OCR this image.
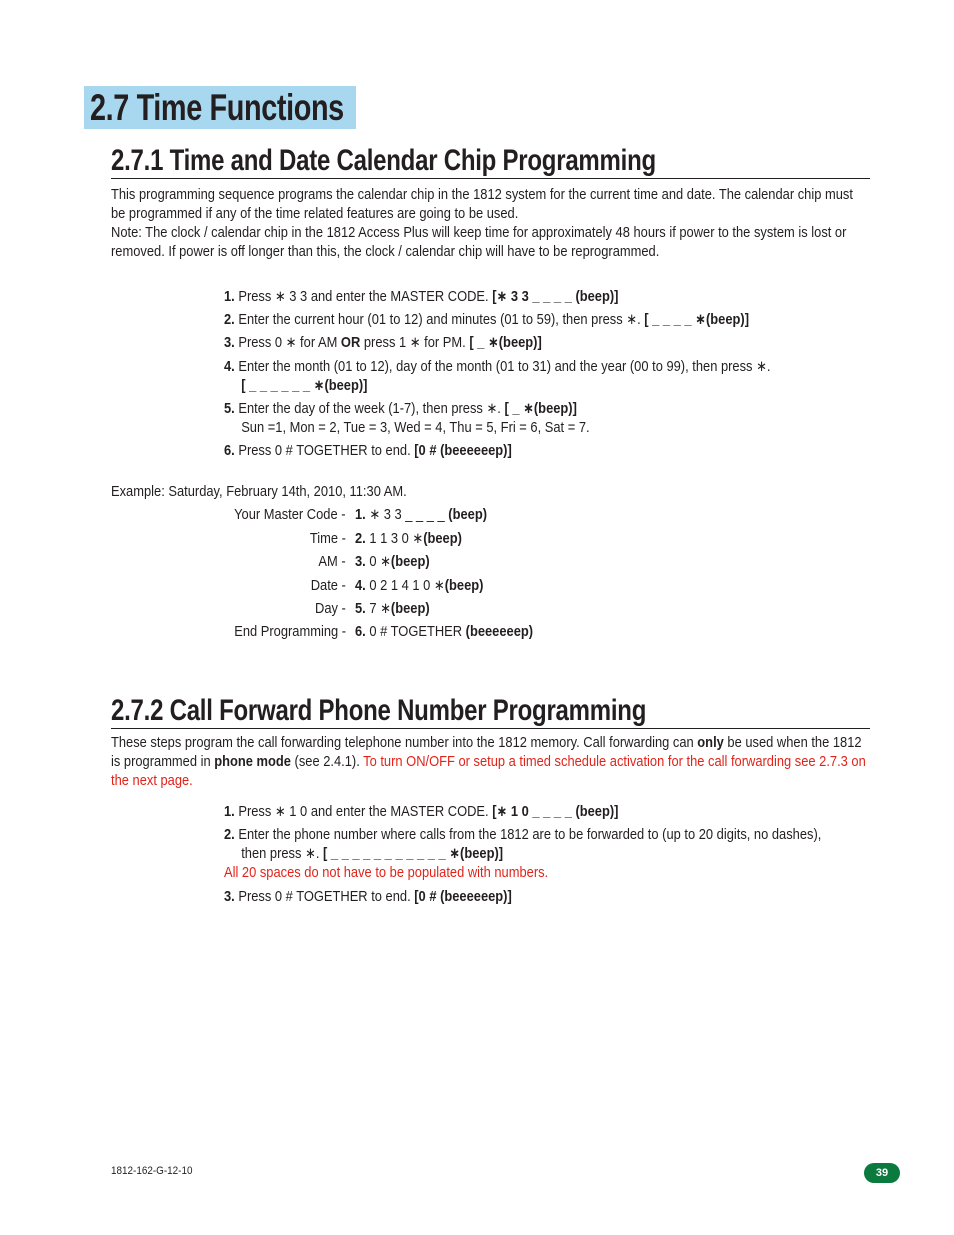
2.7 Time Functions
2.7.1 Time and Date Calendar Chip Programming
This programming sequence programs the calendar chip in the 1812 system for the current time and date. The calendar chip must be programmed if any of the time related features are going to be used.
Note: The clock / calendar chip in the 1812 Access Plus will keep time for approximately 48 hours if power to the system is lost or removed. If power is off longer than this, the clock / calendar chip will have to be reprogrammed.
1. Press ∗ 3 3 and enter the MASTER CODE. [∗ 3 3 _ _ _ _ (beep)]
2. Enter the current hour (01 to 12) and minutes (01 to 59), then press ∗. [ _ _ _ _ ∗(beep)]
3. Press 0 ∗ for AM OR press 1 ∗ for PM. [ _ ∗(beep)]
4. Enter the month (01 to 12), day of the month (01 to 31) and the year (00 to 99), then press ∗.
[ _ _ _ _ _ _ ∗(beep)]
5. Enter the day of the week (1-7), then press ∗. [ _ ∗(beep)]
Sun =1, Mon = 2, Tue = 3, Wed = 4, Thu = 5, Fri = 6, Sat = 7.
6. Press 0 # TOGETHER to end. [0 # (beeeeeep)]
Example: Saturday, February 14th, 2010, 11:30 AM.
Your Master Code - 1. ∗ 3 3 _ _ _ _ (beep)
Time - 2. 1 1 3 0 ∗(beep)
AM - 3. 0 ∗(beep)
Date - 4. 0 2 1 4 1 0 ∗(beep)
Day - 5. 7 ∗(beep)
End Programming - 6. 0 # TOGETHER (beeeeeep)
2.7.2 Call Forward Phone Number Programming
These steps program the call forwarding telephone number into the 1812 memory. Call forwarding can only be used when the 1812 is programmed in phone mode (see 2.4.1). To turn ON/OFF or setup a timed schedule activation for the call forwarding see 2.7.3 on the next page.
1. Press ∗ 1 0 and enter the MASTER CODE. [∗ 1 0 _ _ _ _ (beep)]
2. Enter the phone number where calls from the 1812 are to be forwarded to (up to 20 digits, no dashes),
then press ∗. [ _ _ _ _ _ _ _ _ _ _ _ ∗(beep)]
All 20 spaces do not have to be populated with numbers.
3. Press 0 # TOGETHER to end. [0 # (beeeeeep)]
1812-162-G-12-10	39
